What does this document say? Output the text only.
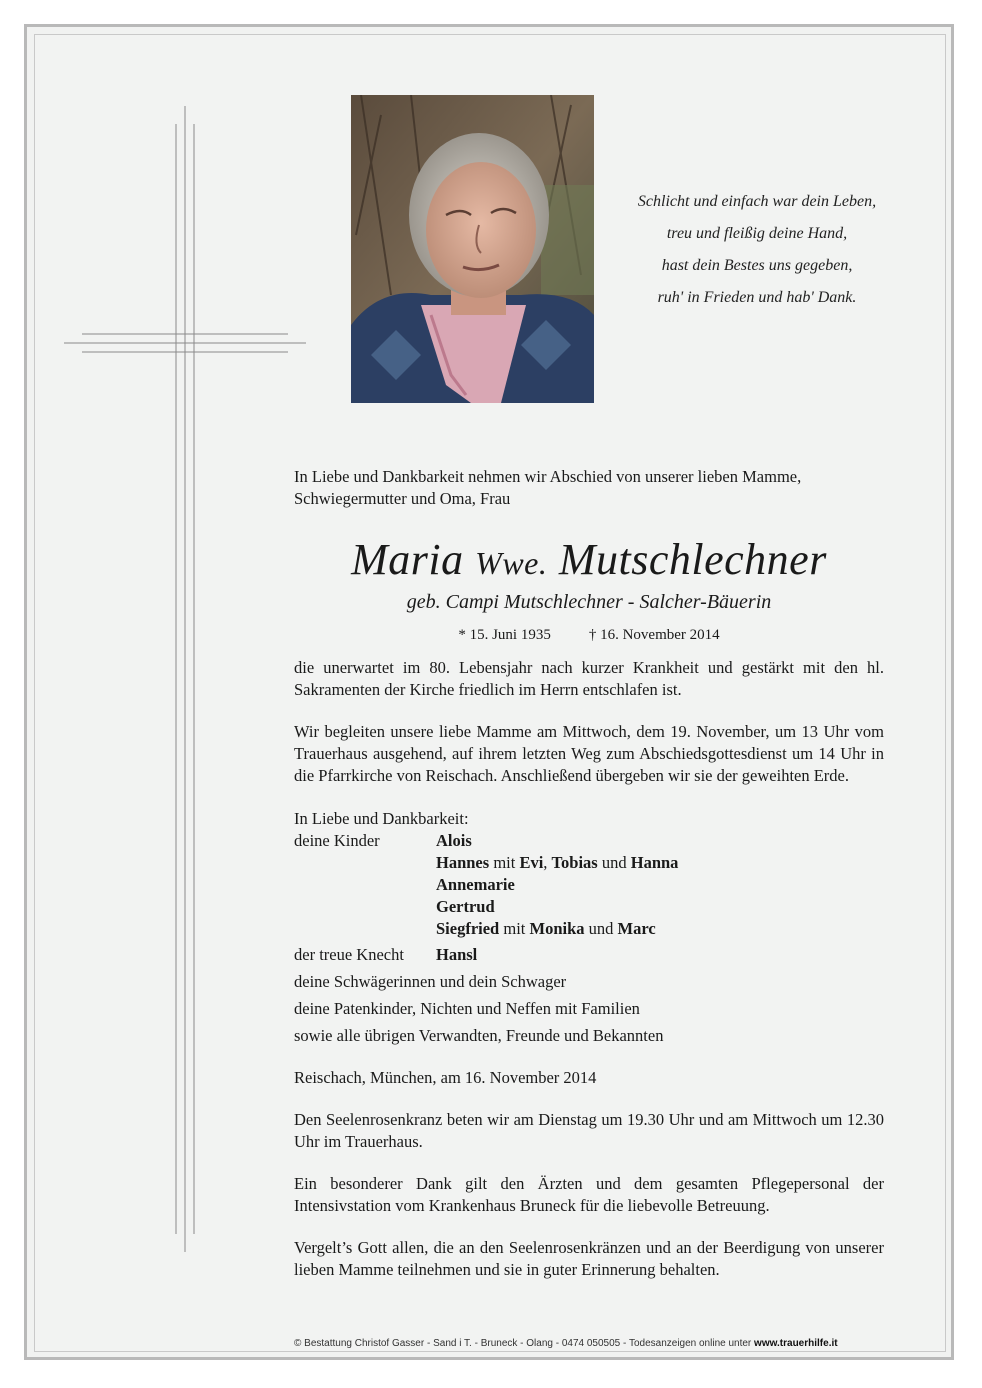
Schlicht und einfach war dein Leben,
treu und fleißig deine Hand,
hast dein Bestes uns gegeben,
ruh' in Frieden und hab' Dank.

In Liebe und Dankbarkeit nehmen wir Abschied von unserer lieben Mamme, Schwiegermutter und Oma, Frau

Maria Wwe. Mutschlechner
geb. Campi Mutschlechner - Salcher-Bäuerin
* 15. Juni 1935	† 16. November 2014
die unerwartet im 80. Lebensjahr nach kurzer Krankheit und gestärkt mit den hl. Sakramenten der Kirche friedlich im Herrn entschlafen ist.
Wir begleiten unsere liebe Mamme am Mittwoch, dem 19. November, um 13 Uhr vom Trauerhaus ausgehend, auf ihrem letzten Weg zum Abschiedsgottesdienst um 14 Uhr in die Pfarrkirche von Reischach. Anschließend übergeben wir sie der geweihten Erde.
In Liebe und Dankbarkeit:
deine Kinder	Alois
Hannes mit Evi, Tobias und Hanna
Annemarie
Gertrud
Siegfried mit Monika und Marc
der treue Knecht	Hansl
deine Schwägerinnen und dein Schwager
deine Patenkinder, Nichten und Neffen mit Familien
sowie alle übrigen Verwandten, Freunde und Bekannten
Reischach, München, am 16. November 2014
Den Seelenrosenkranz beten wir am Dienstag um 19.30 Uhr und am Mittwoch um 12.30 Uhr im Trauerhaus.
Ein besonderer Dank gilt den Ärzten und dem gesamten Pflegepersonal der Intensivstation vom Krankenhaus Bruneck für die liebevolle Betreuung.
Vergelt’s Gott allen, die an den Seelenrosenkränzen und an der Beerdigung von unserer lieben Mamme teilnehmen und sie in guter Erinnerung behalten.
© Bestattung Christof Gasser - Sand i T. - Bruneck - Olang - 0474 050505 - Todesanzeigen online unter www.trauerhilfe.it
